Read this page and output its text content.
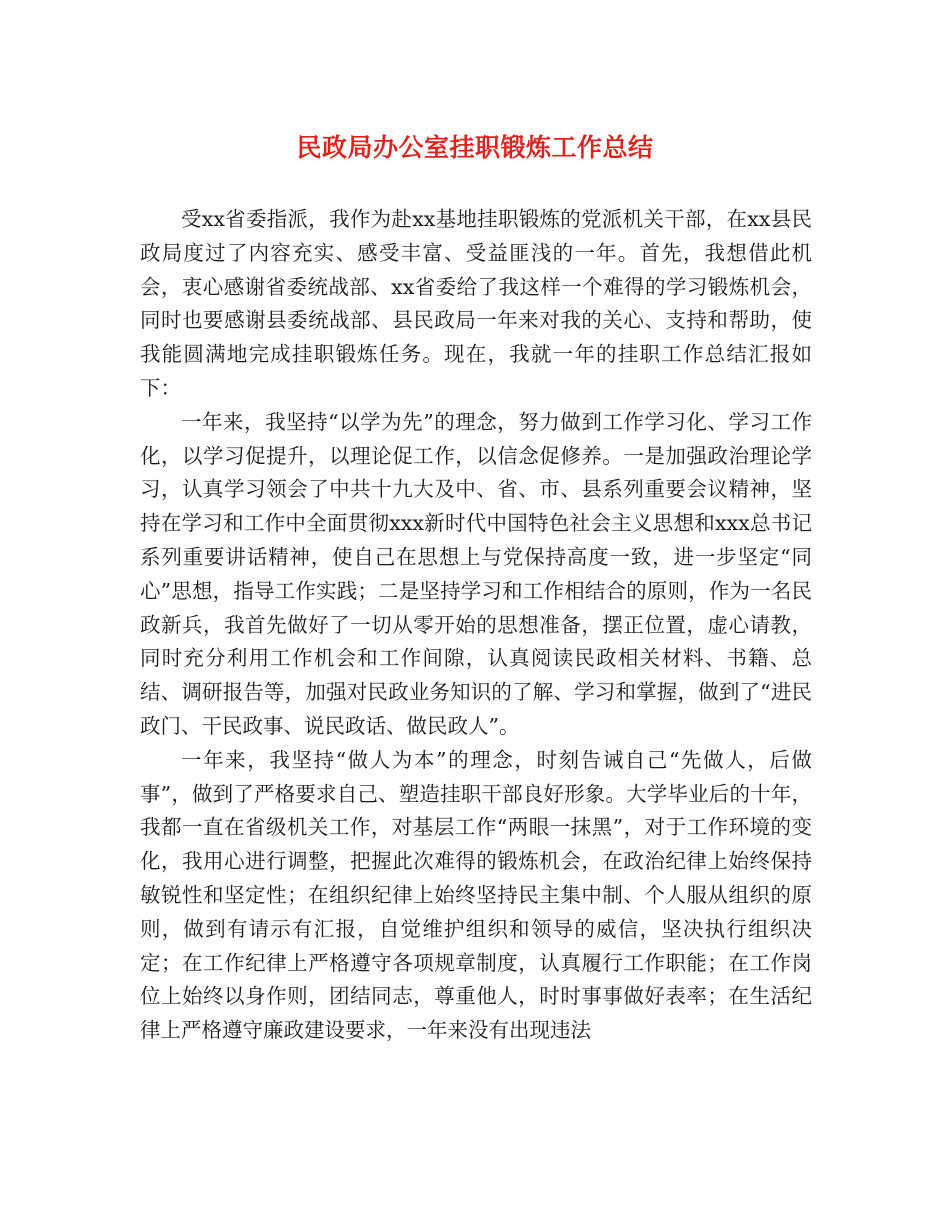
民政局办公室挂职锻炼工作总结

受xx省委指派，我作为赴xx基地挂职锻炼的党派机关干部，在xx县民政局度过了内容充实、感受丰富、受益匪浅的一年。首先，我想借此机会，衷心感谢省委统战部、xx省委给了我这样一个难得的学习锻炼机会，同时也要感谢县委统战部、县民政局一年来对我的关心、支持和帮助，使我能圆满地完成挂职锻炼任务。现在，我就一年的挂职工作总结汇报如下：

一年来，我坚持“以学为先”的理念，努力做到工作学习化、学习工作化，以学习促提升，以理论促工作，以信念促修养。一是加强政治理论学习，认真学习领会了中共十九大及中、省、市、县系列重要会议精神，坚持在学习和工作中全面贯彻xxx新时代中国特色社会主义思想和xxx总书记系列重要讲话精神，使自己在思想上与党保持高度一致，进一步坚定“同心”思想，指导工作实践；二是坚持学习和工作相结合的原则，作为一名民政新兵，我首先做好了一切从零开始的思想准备，摆正位置，虚心请教，同时充分利用工作机会和工作间隙，认真阅读民政相关材料、书籍、总结、调研报告等，加强对民政业务知识的了解、学习和掌握，做到了“进民政门、干民政事、说民政话、做民政人”。

一年来，我坚持“做人为本”的理念，时刻告诫自己“先做人，后做事”，做到了严格要求自己、塑造挂职干部良好形象。大学毕业后的十年，我都一直在省级机关工作，对基层工作“两眼一抹黑”，对于工作环境的变化，我用心进行调整，把握此次难得的锻炼机会，在政治纪律上始终保持敏锐性和坚定性；在组织纪律上始终坚持民主集中制、个人服从组织的原则，做到有请示有汇报，自觉维护组织和领导的威信，坚决执行组织决定；在工作纪律上严格遵守各项规章制度，认真履行工作职能；在工作岗位上始终以身作则，团结同志，尊重他人，时时事事做好表率；在生活纪律上严格遵守廉政建设要求，一年来没有出现违法
